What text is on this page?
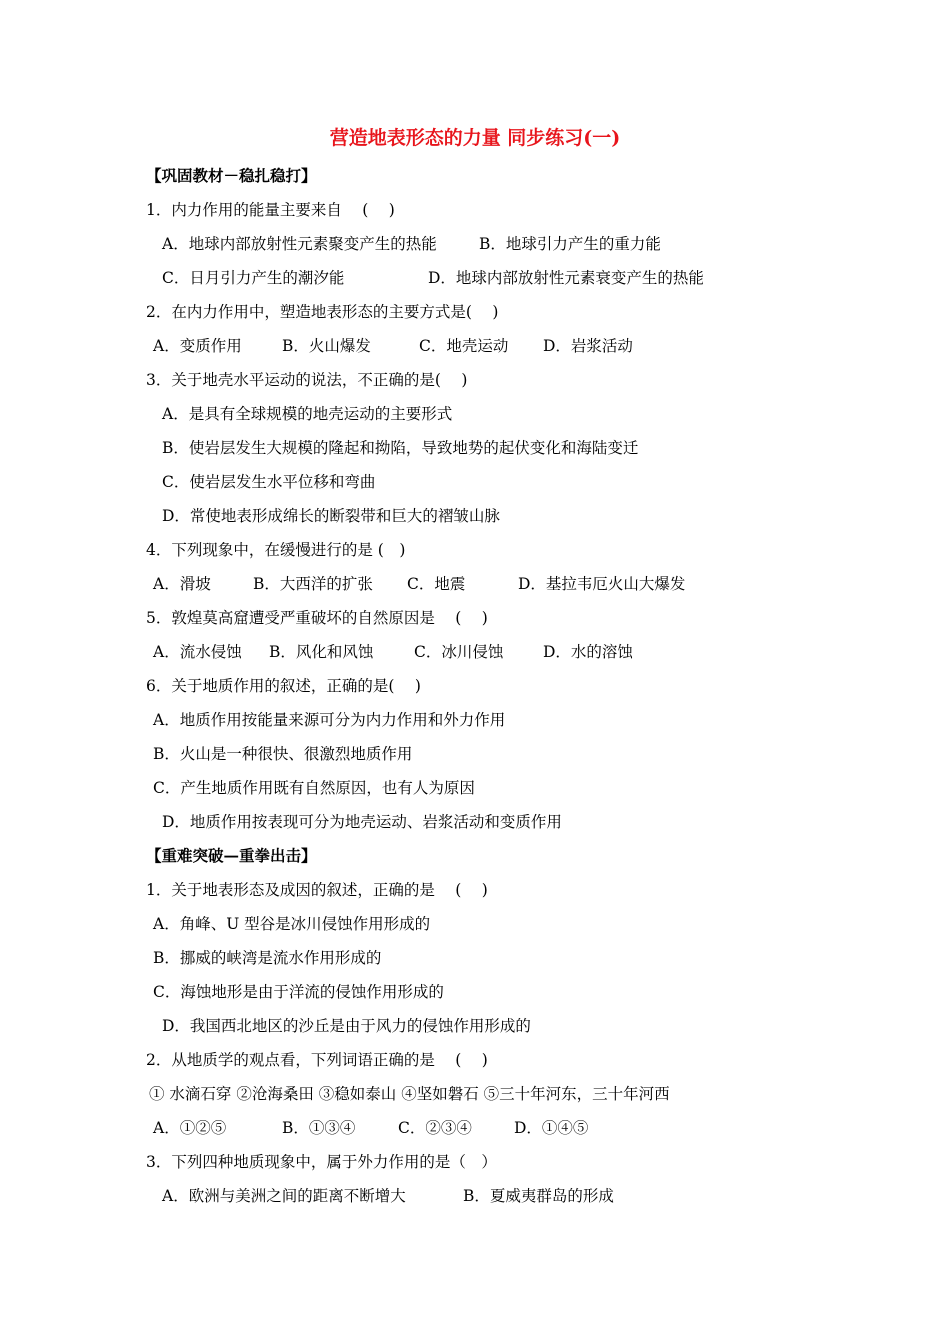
营造地表形态的力量 同步练习(一)
【巩固教材－稳扎稳打】
1．内力作用的能量主要来自　 (　 )
A．地球内部放射性元素聚变产生的热能	B．地球引力产生的重力能
C．日月引力产生的潮汐能	D．地球内部放射性元素衰变产生的热能
2．在内力作用中，塑造地表形态的主要方式是(　 )
A．变质作用	B．火山爆发	C．地壳运动 D．岩浆活动
3．关于地壳水平运动的说法，不正确的是(　 )
A．是具有全球规模的地壳运动的主要形式
B．使岩层发生大规模的隆起和拗陷，导致地势的起伏变化和海陆变迁
C．使岩层发生水平位移和弯曲
D．常使地表形成绵长的断裂带和巨大的褶皱山脉
4．下列现象中，在缓慢进行的是 (　)
A．滑坡	B．大西洋的扩张 C．地震	D．基拉韦厄火山大爆发
5．敦煌莫高窟遭受严重破坏的自然原因是　 (　 )
A．流水侵蚀 B．风化和风蚀	C．冰川侵蚀	D．水的溶蚀
6．关于地质作用的叙述，正确的是(　 )
A．地质作用按能量来源可分为内力作用和外力作用
B．火山是一种很快、很激烈地质作用
C．产生地质作用既有自然原因，也有人为原因
D．地质作用按表现可分为地壳运动、岩浆活动和变质作用
【重难突破—重拳出击】
1．关于地表形态及成因的叙述，正确的是　 (　 )
A．角峰、U 型谷是冰川侵蚀作用形成的
B．挪威的峡湾是流水作用形成的
C．海蚀地形是由于洋流的侵蚀作用形成的
D．我国西北地区的沙丘是由于风力的侵蚀作用形成的
2．从地质学的观点看，下列词语正确的是　 (　 )
① 水滴石穿 ②沧海桑田 ③稳如泰山 ④坚如磐石 ⑤三十年河东，三十年河西
A．①②⑤	B．①③④	C．②③④	D．①④⑤
3．下列四种地质现象中，属于外力作用的是（　）
A．欧洲与美洲之间的距离不断增大	B．夏威夷群岛的形成
